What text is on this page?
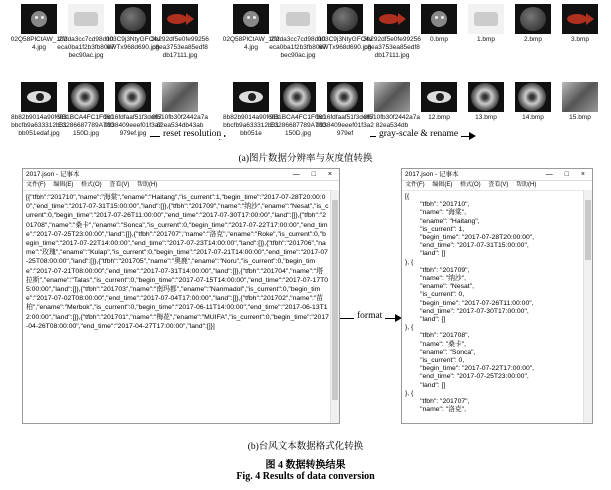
02Q58PlCtAW_1024.jpg
2fdda3cc7cd98d10eca0ba1f2b3fb80e7bec90ac.jpg
003C9j3NtyGFC4v6WTx968d690.jpg
3b292df5e0fe99256c8ea3753ea85edf8db17111.jpg
8b82b9014a90f603bbcfb9a633312b31bb051edaf.jpg
9B1BCA4FC1F060E3286687789A700150D.jpg
9c16fdfaaf51f3de679938409eeef01f3a2979ef.jpg
9f510fb30f2442a7a82ea534db43ab
02Q58PlCtAW_1024.jpg
2fdda3cc7cd98d10eca0ba1f2b3fb80e7bec90ac.jpg
003C9j3NtyGFC4v6WTx968d690.jpg
3b292df5e0fe99256c8ea3753ea85edf8db17111.jpg
0.bmp	1.bmp	2.bmp	3.bmp
8b82b9014a90f603bbcfb9a633312b31bb051e
9B1BCA4FC1F060E3286687789A700150D.jpg
9c16fdfaaf51f3de679938409eeef01f3a2979ef
9f510fb30f2442a7a82ea534db
12.bmp	13.bmp	14.bmp	15.bmp
reset resolution	gray-scale & rename
(a)图片数据分辨率与灰度值转换
2017.json - 记事本	— □ ×
文件(F) 编辑(E) 格式(O) 查看(V) 帮助(H)
[{"tfbh":"201710","name":"海棠","ename":"Haitang","is_current":1,"begin_time":"2017-07-28T20:00:00","end_time":"2017-07-31T15:00:00","land":[]},{"tfbh":"201709","name":"纳沙","ename":"Nesat","is_current":0,"begin_time":"2017-07-26T11:00:00","end_time":"2017-07-30T17:00:00","land":[]},{"tfbh":"201708","name":"桑卡","ename":"Sonca","is_current":0,"begin_time":"2017-07-22T17:00:00","end_time":"2017-07-25T23:00:00","land":[]},{"tfbh":"201707","name":"洛克","ename":"Roke","is_current":0,"begin_time":"2017-07-22T14:00:00","end_time":"2017-07-23T14:00:00","land":[]},{"tfbh":"201706","name":"玫瑰","ename":"Kulap","is_current":0,"begin_time":"2017-07-21T14:00:00","end_time":"2017-07-25T08:00:00","land":[]},{"tfbh":"201705","name":"奥鹿","ename":"Noru","is_current":0,"begin_time":"2017-07-21T08:00:00","end_time":"2017-07-31T14:00:00","land":[]},{"tfbh":"201704","name":"塔拉斯","ename":"Talas","is_current":0,"begin_time":"2017-07-15T14:00:00","end_time":"2017-07-17T05:00:00","land":[]},{"tfbh":"201703","name":"南玛都","ename":"Nanmadol","is_current":0,"begin_time":"2017-07-02T08:00:00","end_time":"2017-07-04T17:00:00","land":[]},{"tfbh":"201702","name":"苗柏","ename":"Merbok","is_current":0,"begin_time":"2017-06-11T14:00:00","end_time":"2017-06-13T12:00:00","land":[]},{"tfbh":"201701","name":"梅花","ename":"MUIFA","is_current":0,"begin_time":"2017-04-26T08:00:00","end_time":"2017-04-27T17:00:00","land":[]}]
format
2017.json - 记事本	— □ ×
文件(F) 编辑(E) 格式(O) 查看(V) 帮助(H)
[{
"tfbh": "201710",
"name": "海棠",
"ename": "Haitang",
"is_current": 1,
"begin_time": "2017-07-28T20:00:00",
"end_time": "2017-07-31T15:00:00",
"land": []
}, {
"tfbh": "201709",
"name": "纳沙",
"ename": "Nesat",
"is_current": 0,
"begin_time": "2017-07-26T11:00:00",
"end_time": "2017-07-30T17:00:00",
"land": []
}, {
"tfbh": "201708",
"name": "桑卡",
"ename": "Sonca",
"is_current": 0,
"begin_time": "2017-07-22T17:00:00",
"end_time": "2017-07-25T23:00:00",
"land": []
}, {
"tfbh": "201707",
"name": "洛克",
(b)台风文本数据格式化转换
图 4 数据转换结果
Fig. 4 Results of data conversion
